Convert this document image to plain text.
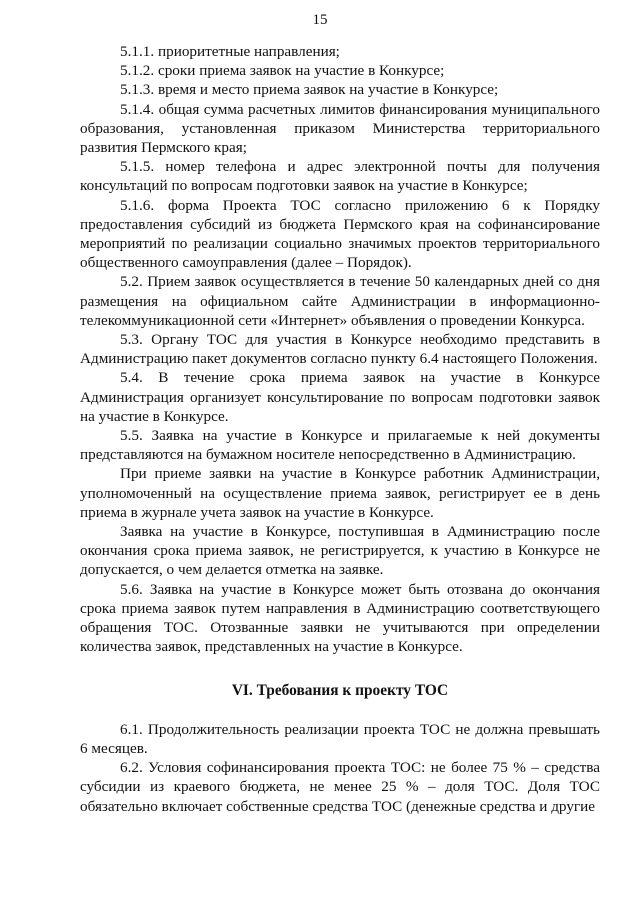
15

5.1.1. приоритетные направления;

5.1.2. сроки приема заявок на участие в Конкурсе;

5.1.3. время и место приема заявок на участие в Конкурсе;

5.1.4. общая сумма расчетных лимитов финансирования муниципального образования, установленная приказом Министерства территориального развития Пермского края;

5.1.5. номер телефона и адрес электронной почты для получения консультаций по вопросам подготовки заявок на участие в Конкурсе;

5.1.6. форма Проекта ТОС согласно приложению 6 к Порядку предоставления субсидий из бюджета Пермского края на софинансирование мероприятий по реализации социально значимых проектов территориального общественного самоуправления (далее – Порядок).

5.2. Прием заявок осуществляется в течение 50 календарных дней со дня размещения на официальном сайте Администрации в информационно-телекоммуникационной сети «Интернет» объявления о проведении Конкурса.

5.3. Органу ТОС для участия в Конкурсе необходимо представить в Администрацию пакет документов согласно пункту 6.4 настоящего Положения.

5.4. В течение срока приема заявок на участие в Конкурсе Администрация организует консультирование по вопросам подготовки заявок на участие в Конкурсе.

5.5. Заявка на участие в Конкурсе и прилагаемые к ней документы представляются на бумажном носителе непосредственно в Администрацию.

При приеме заявки на участие в Конкурсе работник Администрации, уполномоченный на осуществление приема заявок, регистрирует ее в день приема в журнале учета заявок на участие в Конкурсе.

Заявка на участие в Конкурсе, поступившая в Администрацию после окончания срока приема заявок, не регистрируется, к участию в Конкурсе не допускается, о чем делается отметка на заявке.

5.6. Заявка на участие в Конкурсе может быть отозвана до окончания срока приема заявок путем направления в Администрацию соответствующего обращения ТОС. Отозванные заявки не учитываются при определении количества заявок, представленных на участие в Конкурсе.

VI. Требования к проекту ТОС

6.1. Продолжительность реализации проекта ТОС не должна превышать 6 месяцев.

6.2. Условия софинансирования проекта ТОС: не более 75 % – средства субсидии из краевого бюджета, не менее 25 % – доля ТОС. Доля ТОС обязательно включает собственные средства ТОС (денежные средства и другие
